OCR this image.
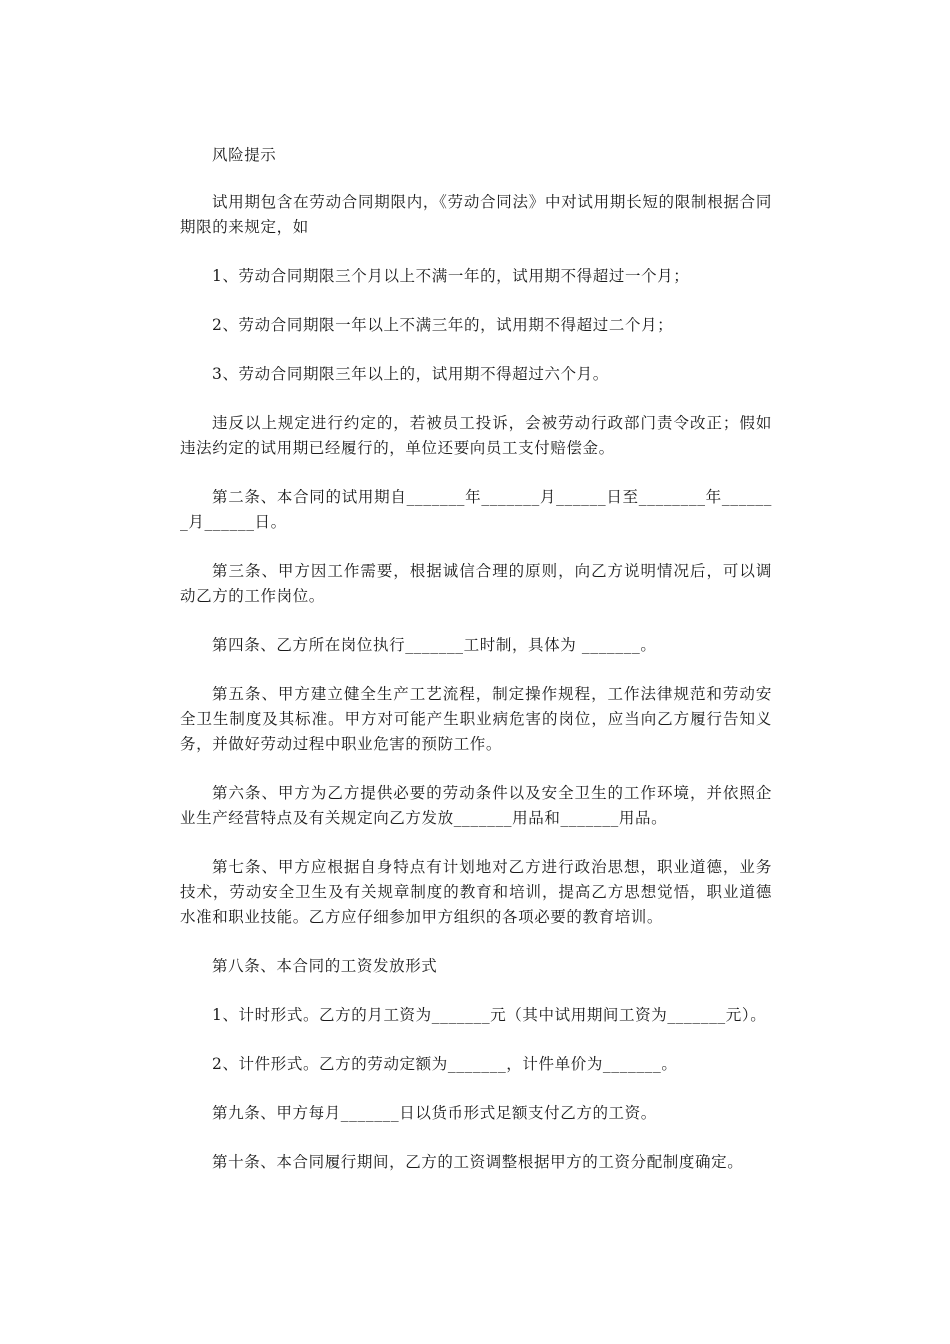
风险提示

试用期包含在劳动合同期限内，《劳动合同法》中对试用期长短的限制根据合同期限的来规定，如

1、劳动合同期限三个月以上不满一年的，试用期不得超过一个月；

2、劳动合同期限一年以上不满三年的，试用期不得超过二个月；

3、劳动合同期限三年以上的，试用期不得超过六个月。

违反以上规定进行约定的，若被员工投诉，会被劳动行政部门责令改正；假如违法约定的试用期已经履行的，单位还要向员工支付赔偿金。

第二条、本合同的试用期自_______年_______月______日至________年_______月______日。

第三条、甲方因工作需要，根据诚信合理的原则，向乙方说明情况后，可以调动乙方的工作岗位。

第四条、乙方所在岗位执行_______工时制，具体为 _______。

第五条、甲方建立健全生产工艺流程，制定操作规程，工作法律规范和劳动安全卫生制度及其标准。甲方对可能产生职业病危害的岗位，应当向乙方履行告知义务，并做好劳动过程中职业危害的预防工作。

第六条、甲方为乙方提供必要的劳动条件以及安全卫生的工作环境，并依照企业生产经营特点及有关规定向乙方发放_______用品和_______用品。

第七条、甲方应根据自身特点有计划地对乙方进行政治思想，职业道德，业务技术，劳动安全卫生及有关规章制度的教育和培训，提高乙方思想觉悟，职业道德水准和职业技能。乙方应仔细参加甲方组织的各项必要的教育培训。

第八条、本合同的工资发放形式

1、计时形式。乙方的月工资为_______元（其中试用期间工资为_______元）。

2、计件形式。乙方的劳动定额为_______，计件单价为_______。

第九条、甲方每月_______日以货币形式足额支付乙方的工资。

第十条、本合同履行期间，乙方的工资调整根据甲方的工资分配制度确定。
